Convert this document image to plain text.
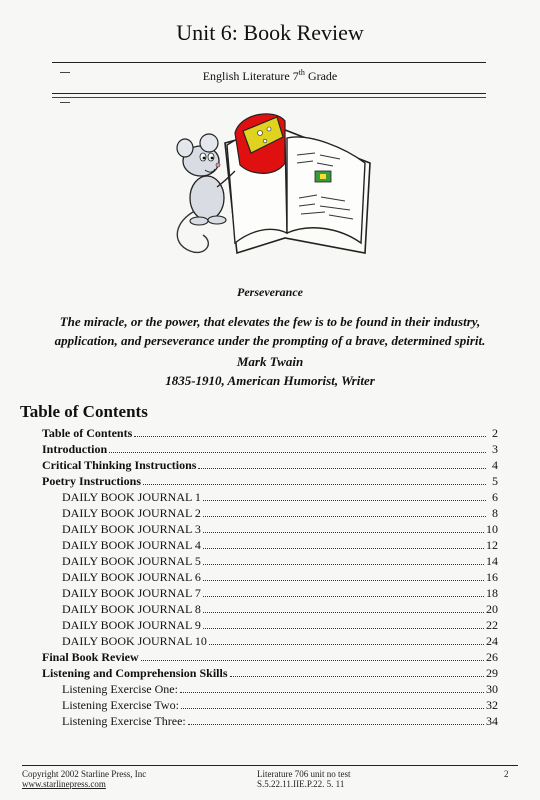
Unit 6: Book Review
English Literature 7th Grade
Perseverance
The miracle, or the power, that elevates the few is to be found in their industry,
application, and perseverance under the prompting of a brave, determined spirit.
Mark Twain
1835-1910, American Humorist, Writer
Table of Contents
Table of Contents	2
Introduction	3
Critical Thinking Instructions	4
Poetry Instructions	5
DAILY BOOK JOURNAL 1	6
DAILY BOOK JOURNAL 2	8
DAILY BOOK JOURNAL 3	10
DAILY BOOK JOURNAL 4	12
DAILY BOOK JOURNAL 5	14
DAILY BOOK JOURNAL 6	16
DAILY BOOK JOURNAL 7	18
DAILY BOOK JOURNAL 8	20
DAILY BOOK JOURNAL 9	22
DAILY BOOK JOURNAL 10	24
Final Book Review	26
Listening and Comprehension Skills	29
Listening Exercise One:	30
Listening Exercise Two:	32
Listening Exercise Three:	34
Copyright 2002 Starline Press, Inc
www.starlinepress.com
Literature 706 unit no test
S.5.22.11.IIE.P.22. 5. 11
2
